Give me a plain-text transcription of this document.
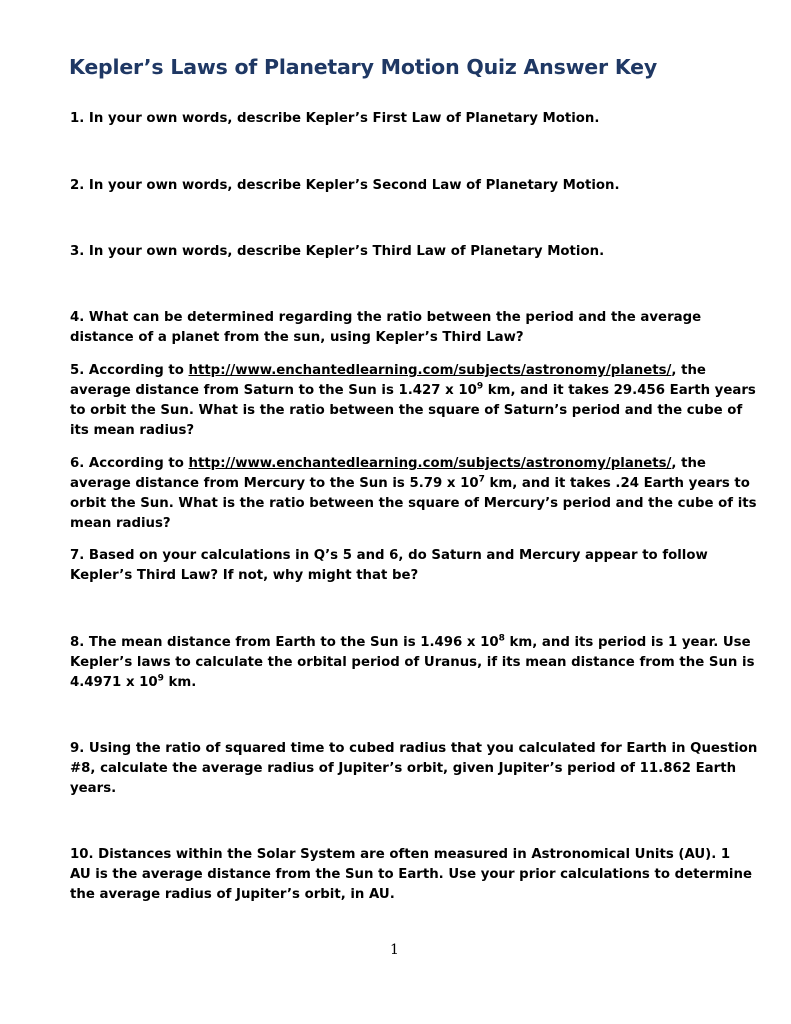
Kepler’s Laws of Planetary Motion Quiz Answer Key
1. In your own words, describe Kepler’s First Law of Planetary Motion.
2. In your own words, describe Kepler’s Second Law of Planetary Motion.
3. In your own words, describe Kepler’s Third Law of Planetary Motion.
4. What can be determined regarding the ratio between the period and the average
distance of a planet from the sun, using Kepler’s Third Law?
5. According to http://www.enchantedlearning.com/subjects/astronomy/planets/, the
average distance from Saturn to the Sun is 1.427 x $10^9$ km, and it takes 29.456 Earth years
to orbit the Sun. What is the ratio between the square of Saturn’s period and the cube of
its mean radius?
6. According to http://www.enchantedlearning.com/subjects/astronomy/planets/, the
average distance from Mercury to the Sun is 5.79 x $10^7$ km, and it takes .24 Earth years to
orbit the Sun. What is the ratio between the square of Mercury’s period and the cube of its
mean radius?
7. Based on your calculations in Q’s 5 and 6, do Saturn and Mercury appear to follow
Kepler’s Third Law? If not, why might that be?
8. The mean distance from Earth to the Sun is 1.496 x $10^8$ km, and its period is 1 year. Use
Kepler’s laws to calculate the orbital period of Uranus, if its mean distance from the Sun is
4.4971 x $10^9$ km.
9. Using the ratio of squared time to cubed radius that you calculated for Earth in Question
#8, calculate the average radius of Jupiter’s orbit, given Jupiter’s period of 11.862 Earth
years.
10. Distances within the Solar System are often measured in Astronomical Units (AU). 1
AU is the average distance from the Sun to Earth. Use your prior calculations to determine
the average radius of Jupiter’s orbit, in AU.
1
